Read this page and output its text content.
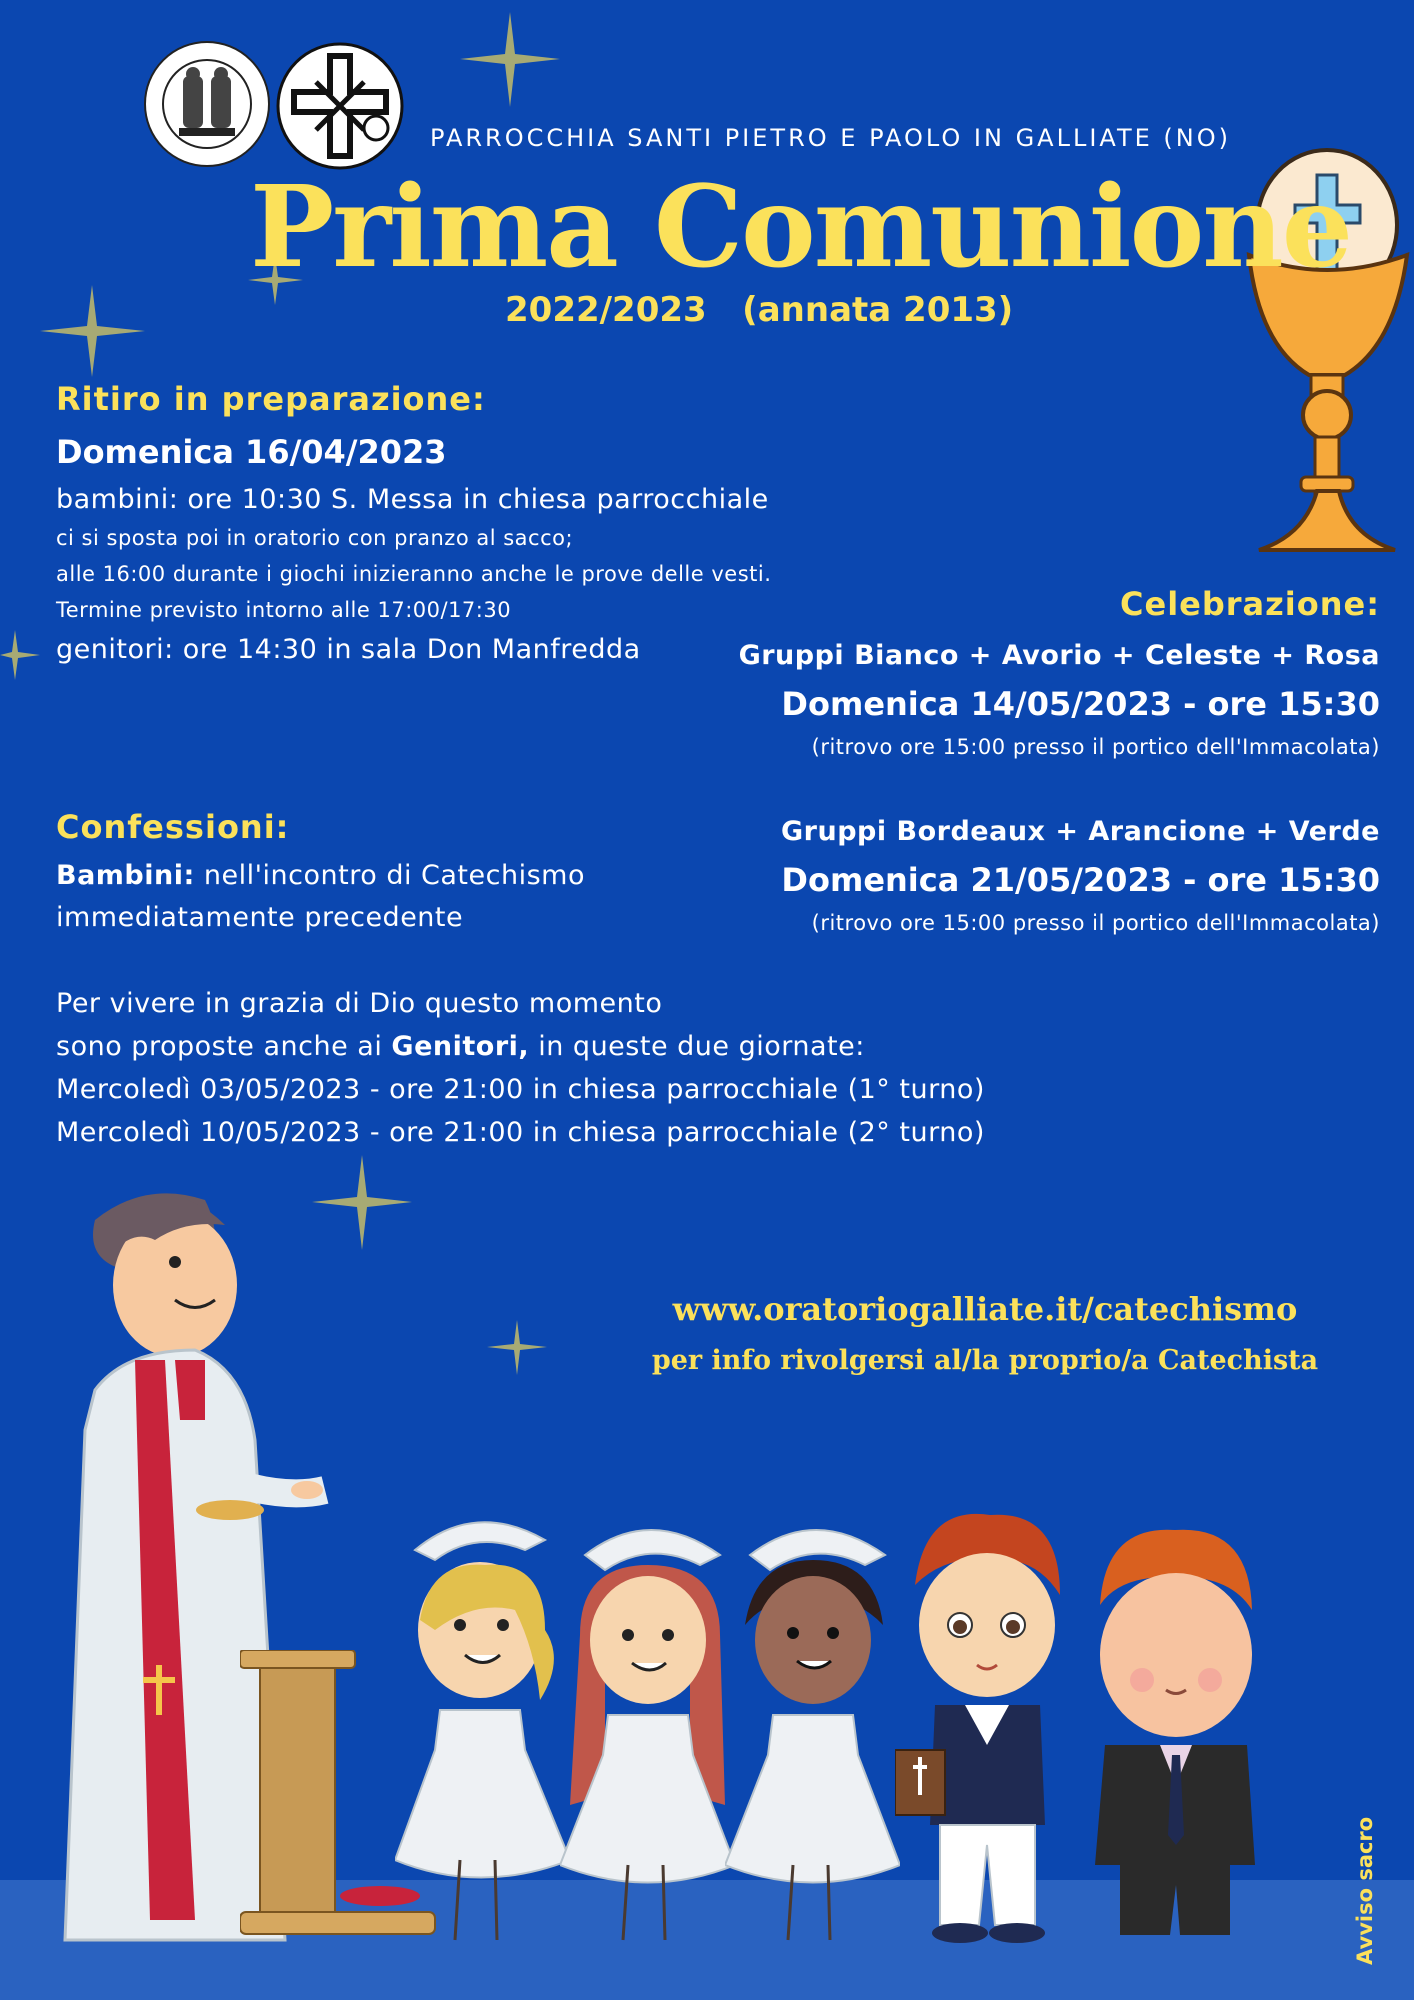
PARROCCHIA SANTI PIETRO E PAOLO IN GALLIATE (NO)
Prima Comunione
2022/2023   (annata 2013)
Ritiro in preparazione:
Domenica 16/04/2023
bambini: ore 10:30 S. Messa in chiesa parrocchiale
ci si sposta poi in oratorio con pranzo al sacco;
alle 16:00 durante i giochi inizieranno anche le prove delle vesti.
Termine previsto intorno alle 17:00/17:30
genitori: ore 14:30 in sala Don Manfredda
Celebrazione:
Gruppi Bianco + Avorio + Celeste + Rosa
Domenica 14/05/2023 - ore 15:30
(ritrovo ore 15:00 presso il portico dell'Immacolata)
Gruppi Bordeaux + Arancione + Verde
Domenica 21/05/2023 - ore 15:30
(ritrovo ore 15:00 presso il portico dell'Immacolata)
Confessioni:
Bambini: nell'incontro di Catechismo
immediatamente precedente
Per vivere in grazia di Dio questo momento
sono proposte anche ai Genitori, in queste due giornate:
Mercoledì 03/05/2023 - ore 21:00 in chiesa parrocchiale (1° turno)
Mercoledì 10/05/2023 - ore 21:00 in chiesa parrocchiale (2° turno)
www.oratoriogalliate.it/catechismo
per info rivolgersi al/la proprio/a Catechista
Avviso sacro
